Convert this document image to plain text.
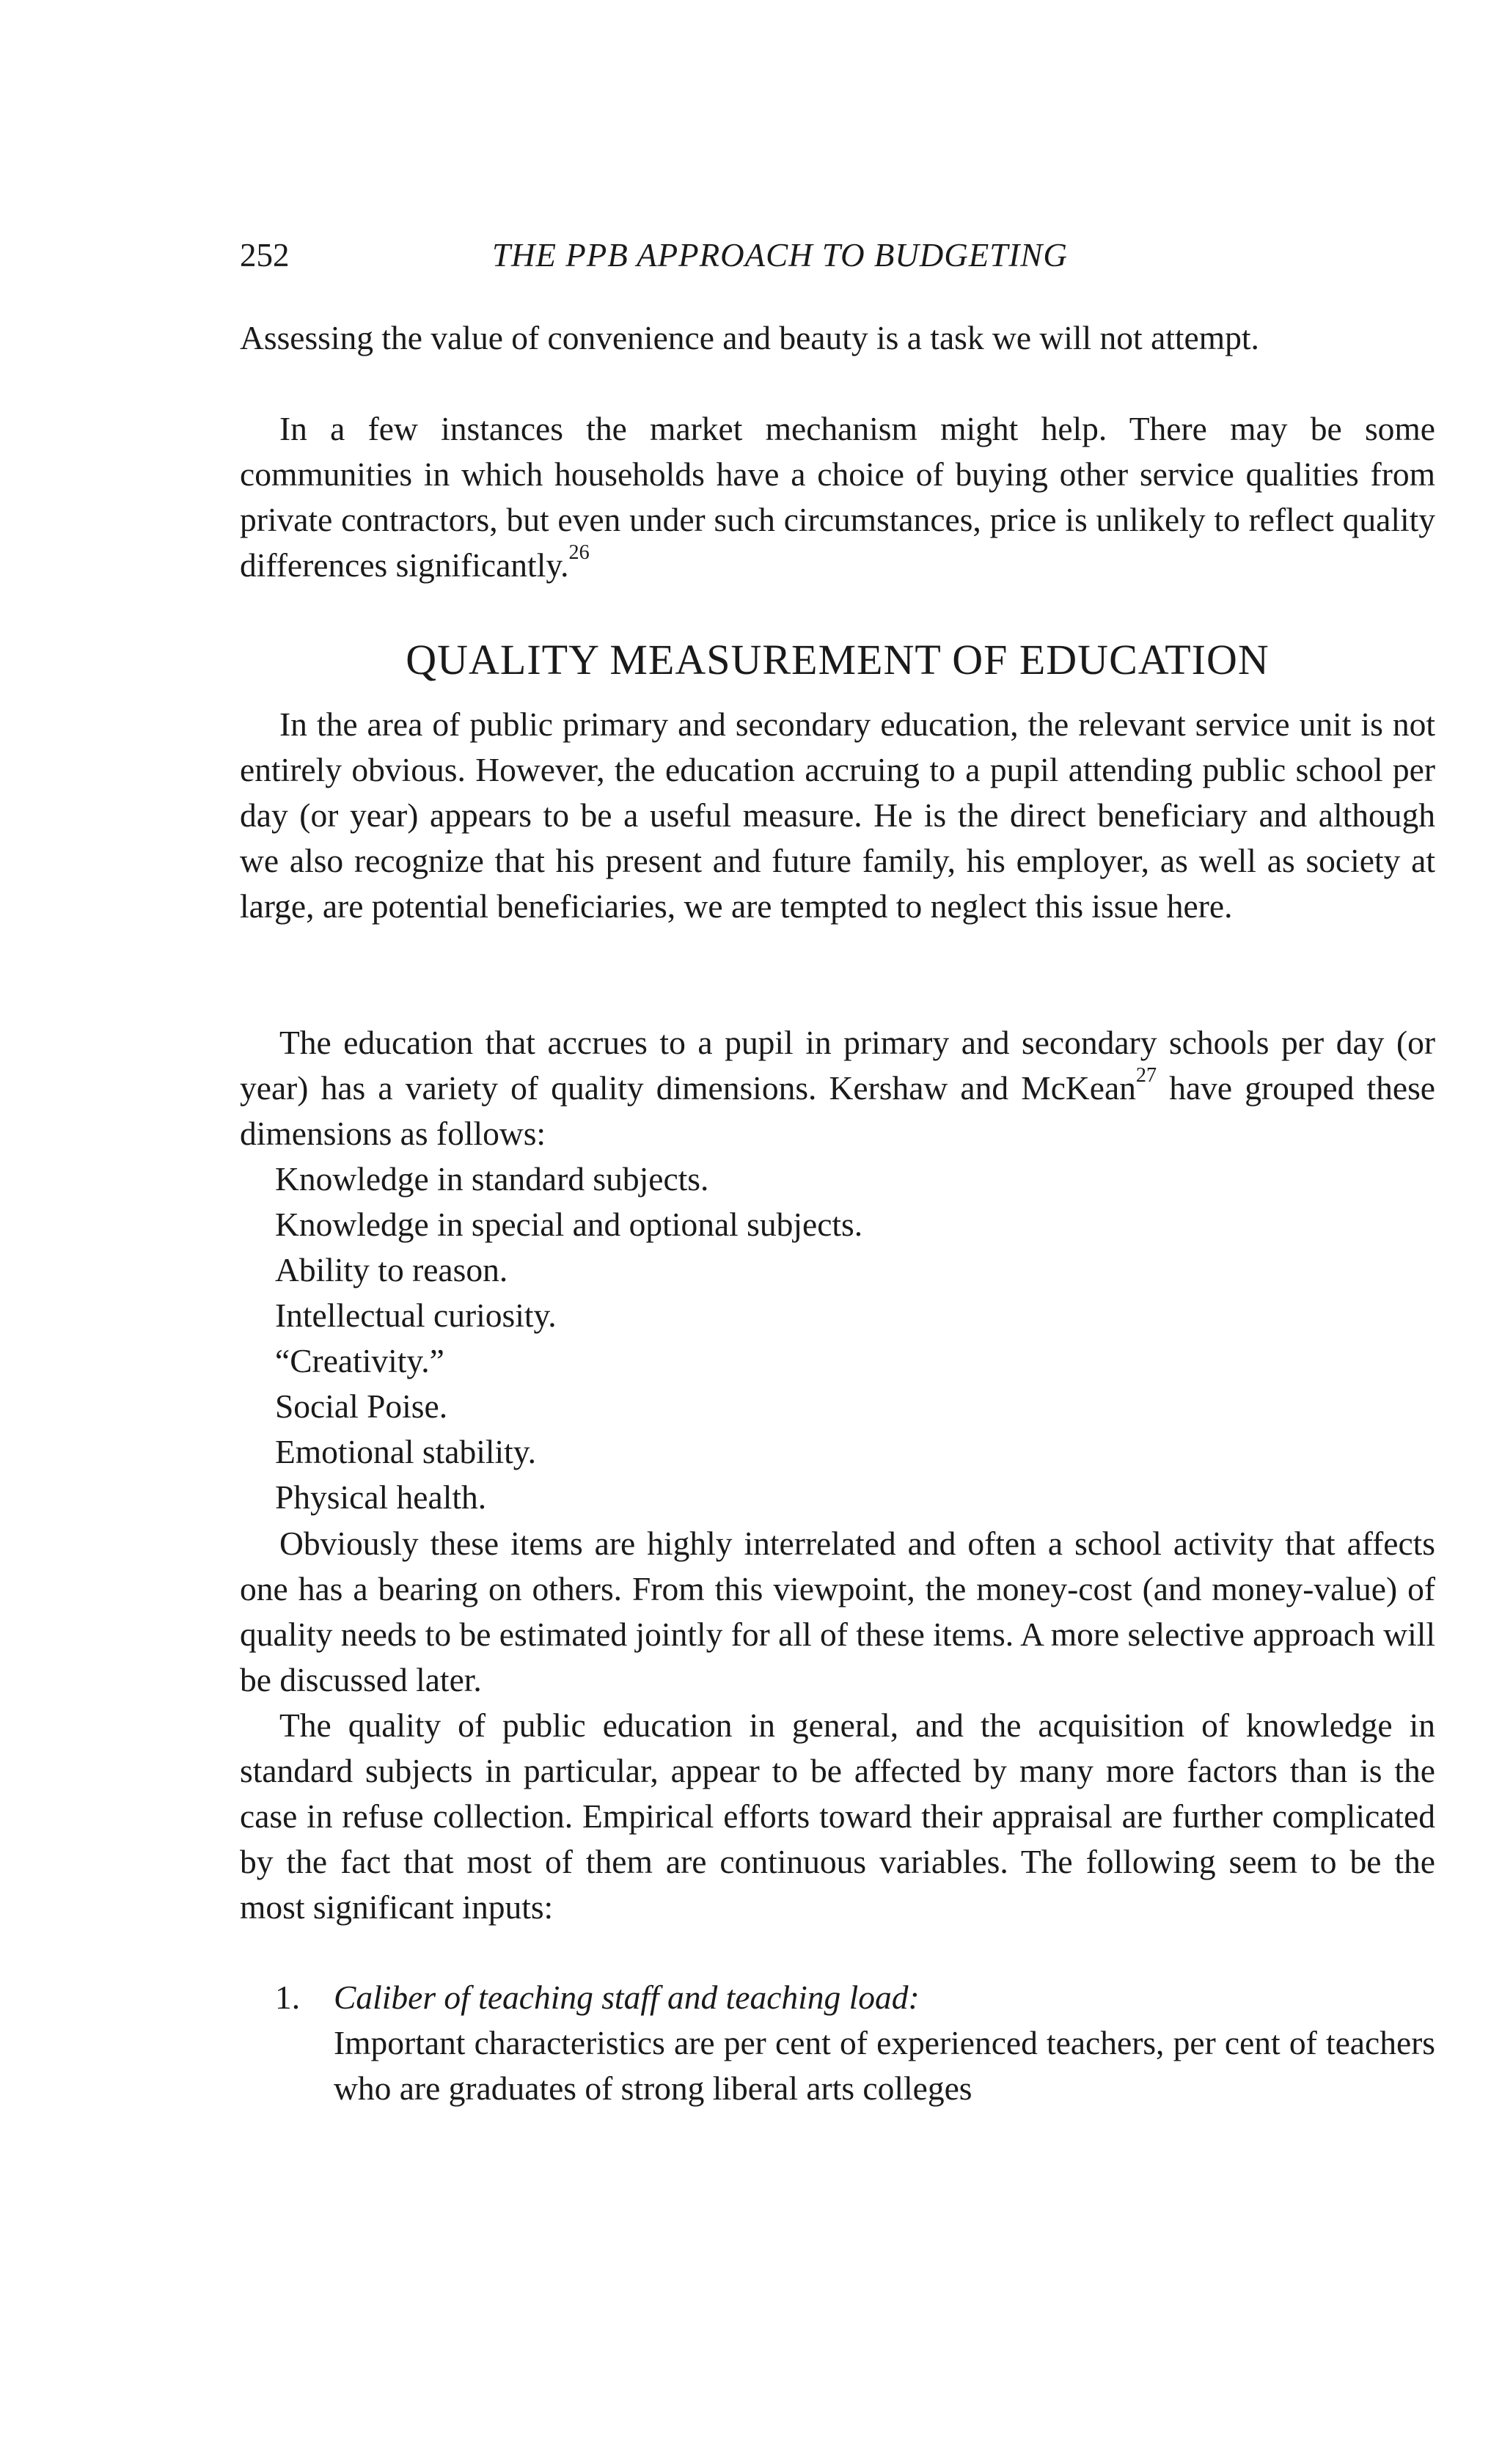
252	THE PPB APPROACH TO BUDGETING

Assessing the value of convenience and beauty is a task we will not attempt.

In a few instances the market mechanism might help. There may be some communities in which households have a choice of buying other service qualities from private contractors, but even under such circumstances, price is unlikely to reflect quality differences significantly.$^{26}$

QUALITY MEASUREMENT OF EDUCATION

In the area of public primary and secondary education, the relevant service unit is not entirely obvious. However, the education accruing to a pupil attending public school per day (or year) appears to be a useful measure. He is the direct beneficiary and although we also recognize that his present and future family, his employer, as well as society at large, are potential beneficiaries, we are tempted to neglect this issue here.

The education that accrues to a pupil in primary and secondary schools per day (or year) has a variety of quality dimensions. Kershaw and McKean$^{27}$ have grouped these dimensions as follows:

Knowledge in standard subjects.
Knowledge in special and optional subjects.
Ability to reason.
Intellectual curiosity.
“Creativity.”
Social Poise.
Emotional stability.
Physical health.

Obviously these items are highly interrelated and often a school activity that affects one has a bearing on others. From this viewpoint, the money-cost (and money-value) of quality needs to be estimated jointly for all of these items. A more selective approach will be discussed later.

The quality of public education in general, and the acquisition of knowledge in standard subjects in particular, appear to be affected by many more factors than is the case in refuse collection. Empirical efforts toward their appraisal are further complicated by the fact that most of them are continuous variables. The following seem to be the most significant inputs:

1. Caliber of teaching staff and teaching load:
Important characteristics are per cent of experienced teachers, per cent of teachers who are graduates of strong liberal arts colleges
